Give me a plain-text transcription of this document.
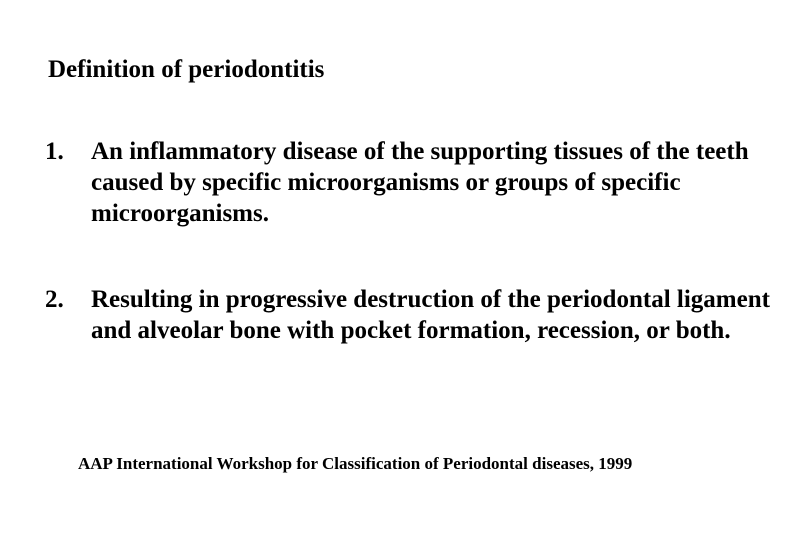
Definition of periodontitis
1.	An inflammatory disease of the supporting tissues of the teeth caused by specific microorganisms or groups of specific microorganisms.
2.	Resulting in progressive destruction of the periodontal ligament and alveolar bone with pocket formation, recession, or both.
AAP International Workshop for Classification of Periodontal diseases, 1999
